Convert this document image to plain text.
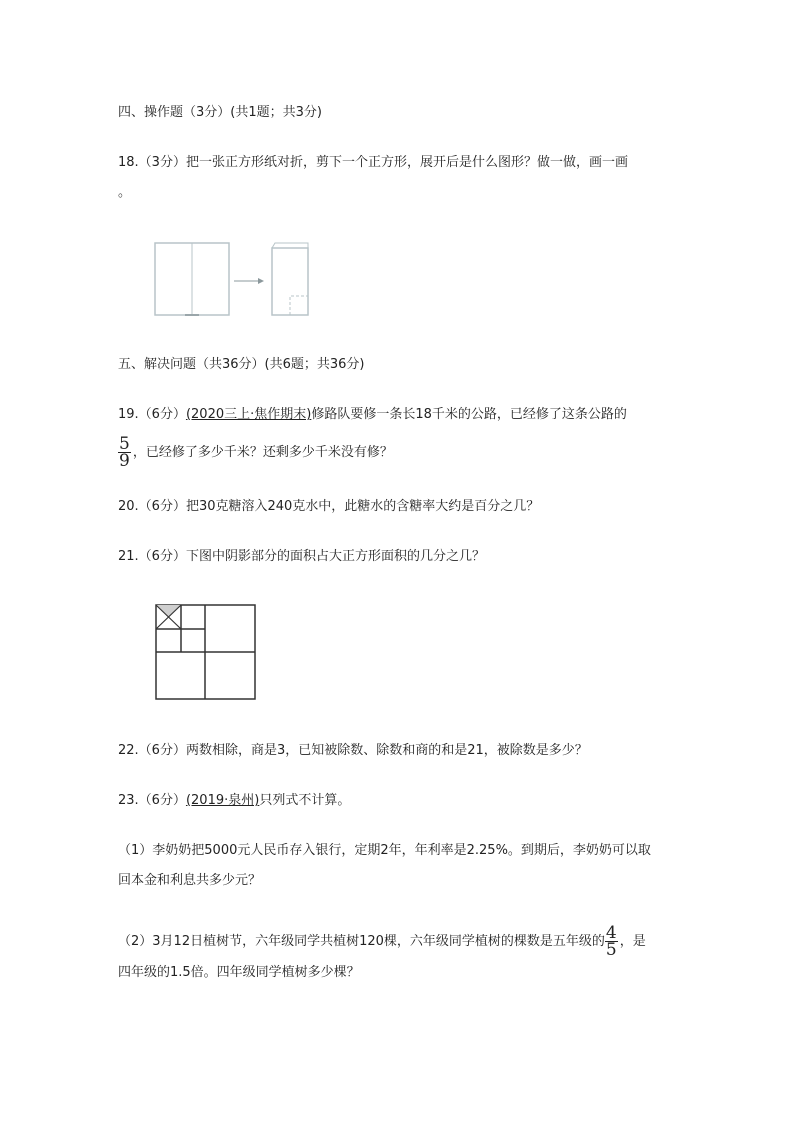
四、操作题（3分）(共1题；共3分)
18.（3分）把一张正方形纸对折，剪下一个正方形，展开后是什么图形？做一做，画一画
。
五、解决问题（共36分）(共6题；共36分)
19.（6分）(2020三上·焦作期末)修路队要修一条长18千米的公路，已经修了这条公路的
$\frac{5}{9}$ ，已经修了多少千米？还剩多少千米没有修？
20.（6分）把30克糖溶入240克水中，此糖水的含糖率大约是百分之几？
21.（6分）下图中阴影部分的面积占大正方形面积的几分之几？
22.（6分）两数相除，商是3，已知被除数、除数和商的和是21，被除数是多少？
23.（6分）(2019·泉州)只列式不计算。
（1）李奶奶把5000元人民币存入银行，定期2年，年利率是2.25%。到期后，李奶奶可以取
回本金和利息共多少元？
（2）3月12日植树节，六年级同学共植树120棵，六年级同学植树的棵数是五年级的 $\frac{4}{5}$ ，是
四年级的1.5倍。四年级同学植树多少棵？
